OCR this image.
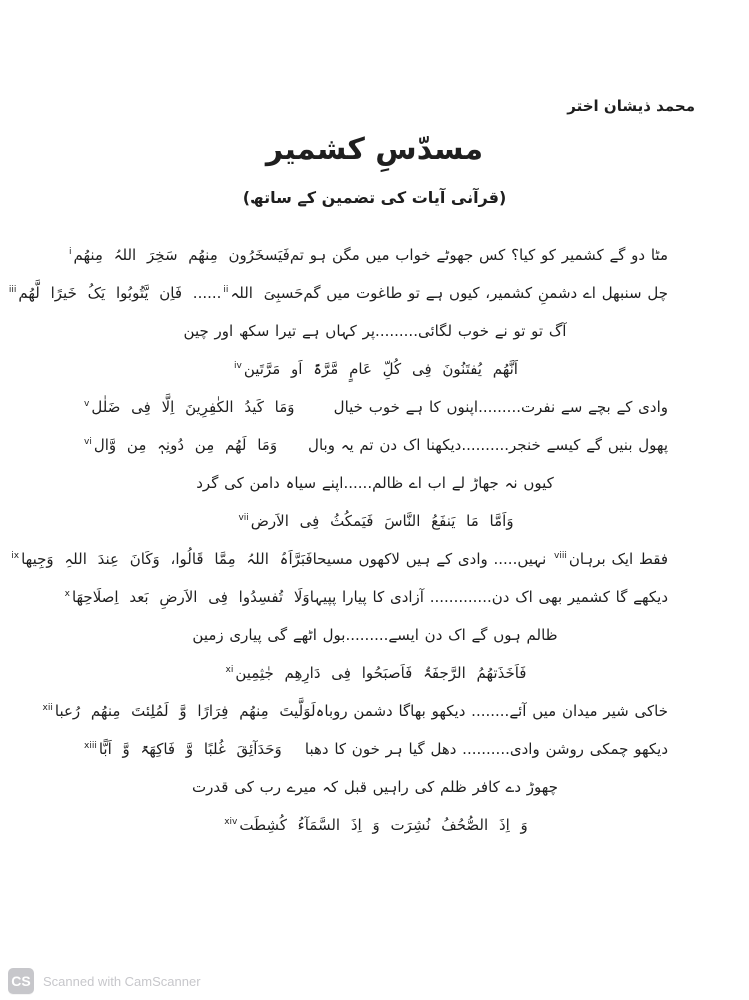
محمد ذیشان اختر
مسدّسِ کشمیر
(قرآنی آیات کی تضمین کے ساتھ)
مٹا دو گے کشمیر کو کیا؟ کس جھوٹے خواب میں مگن ہو تم
فَیَسخَرُون مِنھُم سَخِرَ اللہُ مِنھُم$^i$
چل سنبھل اے دشمنِ کشمیر، کیوں ہے تو طاغوت میں گم
حَسبِیَ اللہ$^{ii}$...... فَاِن یَّتُوبُوا یَکُ خَیرًا لَّھُم$^{iii}$
آگ تو تو نے خوب لگائی.........پر کہاں ہے تیرا سکھ اور چین
اَنَّھُم یُفتَنُونَ فِی کُلِّ عَامٍ مَّرَّۃً اَو مَرَّتَین$^{iv}$
وادی کے بچے سے نفرت.........اپنوں کا ہے خوب خیال
وَمَا کَیدُ الکٰفِرِینَ اِلَّا فِی ضَلٰل$^v$
پھول بنیں گے کیسے خنجر..........دیکھنا اک دن تم یہ وبال
وَمَا لَھُم مِن دُونِہٖ مِن وَّال$^{vi}$
کیوں نہ جھاڑ لے اب اے ظالم......اپنے سیاہ دامن کی گرد
وَاَمَّا مَا یَنفَعُ النَّاسَ فَیَمکُثُ فِی الاَرض$^{vii}$
فقط ایک برہان$^{viii}$ نہیں..... وادی کے ہیں لاکھوں مسیحا
فَبَرَّاَہُ اللہُ مِمَّا قَالُوا، وَکَانَ عِندَ اللہِ وَجِیھا$^{ix}$
دیکھے گا کشمیر بھی اک دن............. آزادی کا پیارا پپیہا
وَلَا تُفسِدُوا فِی الاَرضِ بَعد اِصلَاحِھَا$^x$
ظالم ہوں گے اک دن ایسے.........بول اٹھے گی پیاری زمین
فَاَخَذَتھُمُ الرَّجفَۃُ فَاَصبَحُوا فِی دَارِھِم جٰثِمِین$^{xi}$
خاکی شیر میدان میں آئے........ دیکھو بھاگا دشمن روباہ
لَوَلَّیتَ مِنھُم فِرَارًا وَّ لَمُلِئتَ مِنھُم رُعبا$^{xii}$
دیکھو چمکی روشن وادی.......... دھل گیا ہر خون کا دھبا
وَحَدَآئِقَ غُلبًا وَّ فَاکِھَۃً وَّ اَبًّا$^{xiii}$
چھوڑ دے کافر ظلم کی راہیں قبل کہ میرے رب کی قدرت
وَ اِذَ الصُّحُفُ نُشِرَت وَ اِذَ السَّمَآءُ کُشِطَت$^{xiv}$
CS Scanned with CamScanner
